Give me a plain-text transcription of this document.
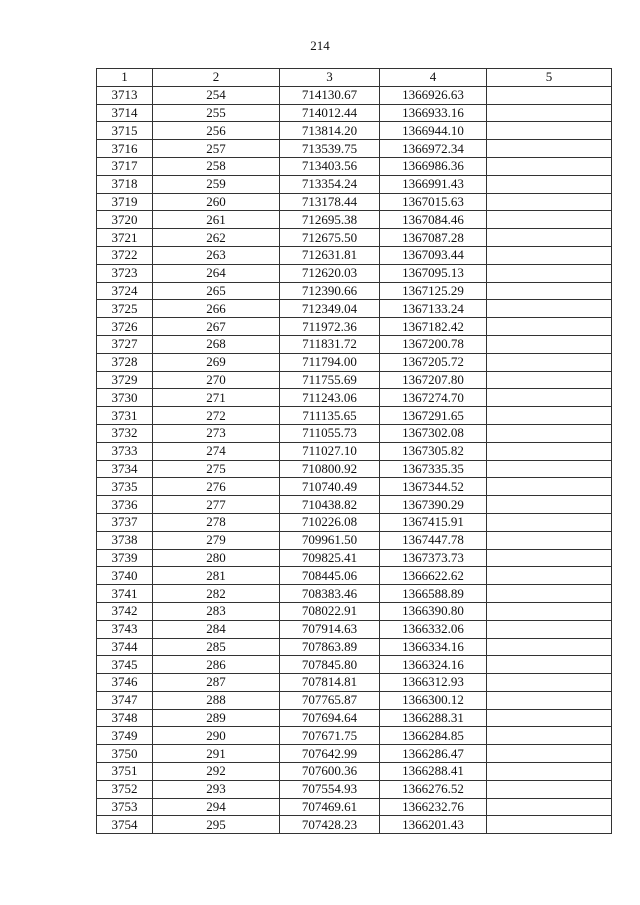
214
1	2	3	4	5
3713	254	714130.67	1366926.63	
3714	255	714012.44	1366933.16	
3715	256	713814.20	1366944.10	
3716	257	713539.75	1366972.34	
3717	258	713403.56	1366986.36	
3718	259	713354.24	1366991.43	
3719	260	713178.44	1367015.63	
3720	261	712695.38	1367084.46	
3721	262	712675.50	1367087.28	
3722	263	712631.81	1367093.44	
3723	264	712620.03	1367095.13	
3724	265	712390.66	1367125.29	
3725	266	712349.04	1367133.24	
3726	267	711972.36	1367182.42	
3727	268	711831.72	1367200.78	
3728	269	711794.00	1367205.72	
3729	270	711755.69	1367207.80	
3730	271	711243.06	1367274.70	
3731	272	711135.65	1367291.65	
3732	273	711055.73	1367302.08	
3733	274	711027.10	1367305.82	
3734	275	710800.92	1367335.35	
3735	276	710740.49	1367344.52	
3736	277	710438.82	1367390.29	
3737	278	710226.08	1367415.91	
3738	279	709961.50	1367447.78	
3739	280	709825.41	1367373.73	
3740	281	708445.06	1366622.62	
3741	282	708383.46	1366588.89	
3742	283	708022.91	1366390.80	
3743	284	707914.63	1366332.06	
3744	285	707863.89	1366334.16	
3745	286	707845.80	1366324.16	
3746	287	707814.81	1366312.93	
3747	288	707765.87	1366300.12	
3748	289	707694.64	1366288.31	
3749	290	707671.75	1366284.85	
3750	291	707642.99	1366286.47	
3751	292	707600.36	1366288.41	
3752	293	707554.93	1366276.52	
3753	294	707469.61	1366232.76	
3754	295	707428.23	1366201.43	
